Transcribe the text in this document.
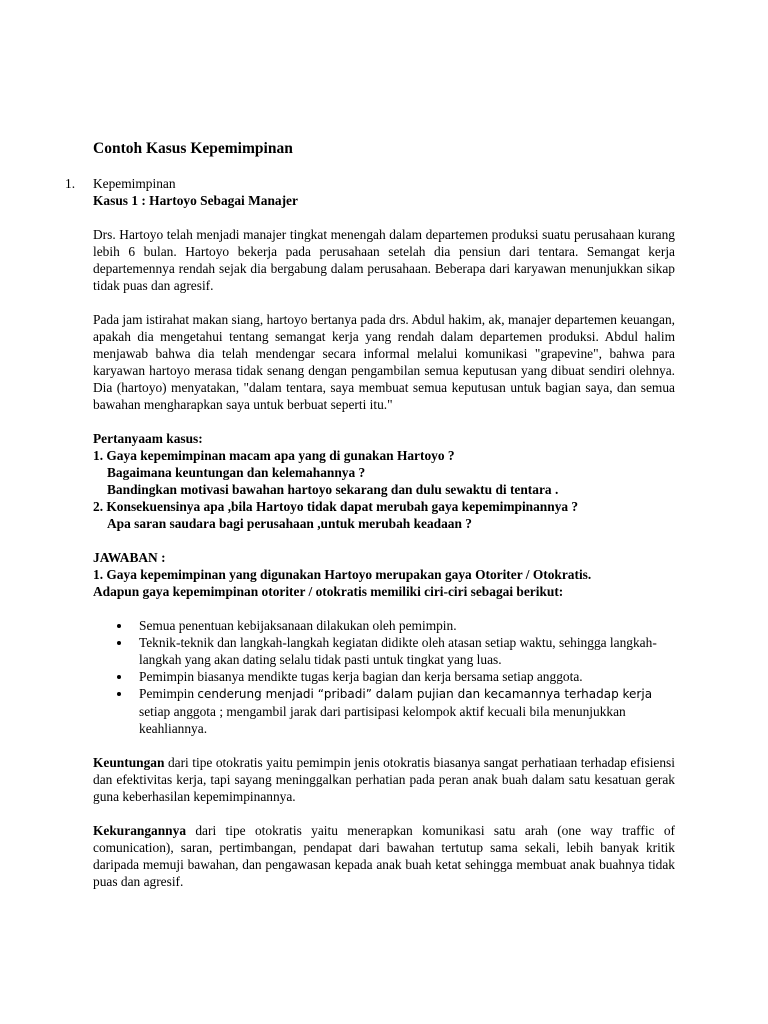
Contoh Kasus Kepemimpinan
1. Kepemimpinan

Kasus 1 : Hartoyo Sebagai Manajer

Drs. Hartoyo telah menjadi manajer tingkat menengah dalam departemen produksi suatu perusahaan kurang lebih 6 bulan. Hartoyo bekerja pada perusahaan setelah dia pensiun dari tentara. Semangat kerja departemennya rendah sejak dia bergabung dalam perusahaan. Beberapa dari karyawan menunjukkan sikap tidak puas dan agresif.

Pada jam istirahat makan siang, hartoyo bertanya pada drs. Abdul hakim, ak, manajer departemen keuangan, apakah dia mengetahui tentang semangat kerja yang rendah dalam departemen produksi. Abdul halim menjawab bahwa dia telah mendengar secara informal melalui komunikasi "grapevine", bahwa para karyawan hartoyo merasa tidak senang dengan pengambilan semua keputusan yang dibuat sendiri olehnya. Dia (hartoyo) menyatakan, "dalam tentara, saya membuat semua keputusan untuk bagian saya, dan semua bawahan mengharapkan saya untuk berbuat seperti itu."

Pertanyaam kasus:

1. Gaya kepemimpinan macam apa yang di gunakan Hartoyo ?

Bagaimana keuntungan dan kelemahannya ?

Bandingkan motivasi bawahan hartoyo sekarang dan dulu sewaktu di tentara .

2. Konsekuensinya apa ,bila Hartoyo tidak dapat merubah gaya kepemimpinannya ?

Apa saran saudara bagi perusahaan ,untuk merubah keadaan ?

JAWABAN :

1. Gaya kepemimpinan yang digunakan Hartoyo merupakan gaya Otoriter / Otokratis.

Adapun gaya kepemimpinan otoriter / otokratis memiliki ciri-ciri sebagai berikut:

Semua penentuan kebijaksanaan dilakukan oleh pemimpin.
Teknik-teknik dan langkah-langkah kegiatan didikte oleh atasan setiap waktu, sehingga langkah-langkah yang akan dating selalu tidak pasti untuk tingkat yang luas.
Pemimpin biasanya mendikte tugas kerja bagian dan kerja bersama setiap anggota.
Pemimpin cenderung menjadi “pribadi” dalam pujian dan kecamannya terhadap kerja setiap anggota ; mengambil jarak dari partisipasi kelompok aktif kecuali bila menunjukkan keahliannya.

Keuntungan dari tipe otokratis yaitu pemimpin jenis otokratis biasanya sangat perhatiaan terhadap efisiensi dan efektivitas kerja, tapi sayang meninggalkan perhatian pada peran anak buah dalam satu kesatuan gerak guna keberhasilan kepemimpinannya.

Kekurangannya dari tipe otokratis yaitu menerapkan komunikasi satu arah (one way traffic of comunication), saran, pertimbangan, pendapat dari bawahan tertutup sama sekali, lebih banyak kritik daripada memuji bawahan, dan pengawasan kepada anak buah ketat sehingga membuat anak buahnya tidak puas dan agresif.
